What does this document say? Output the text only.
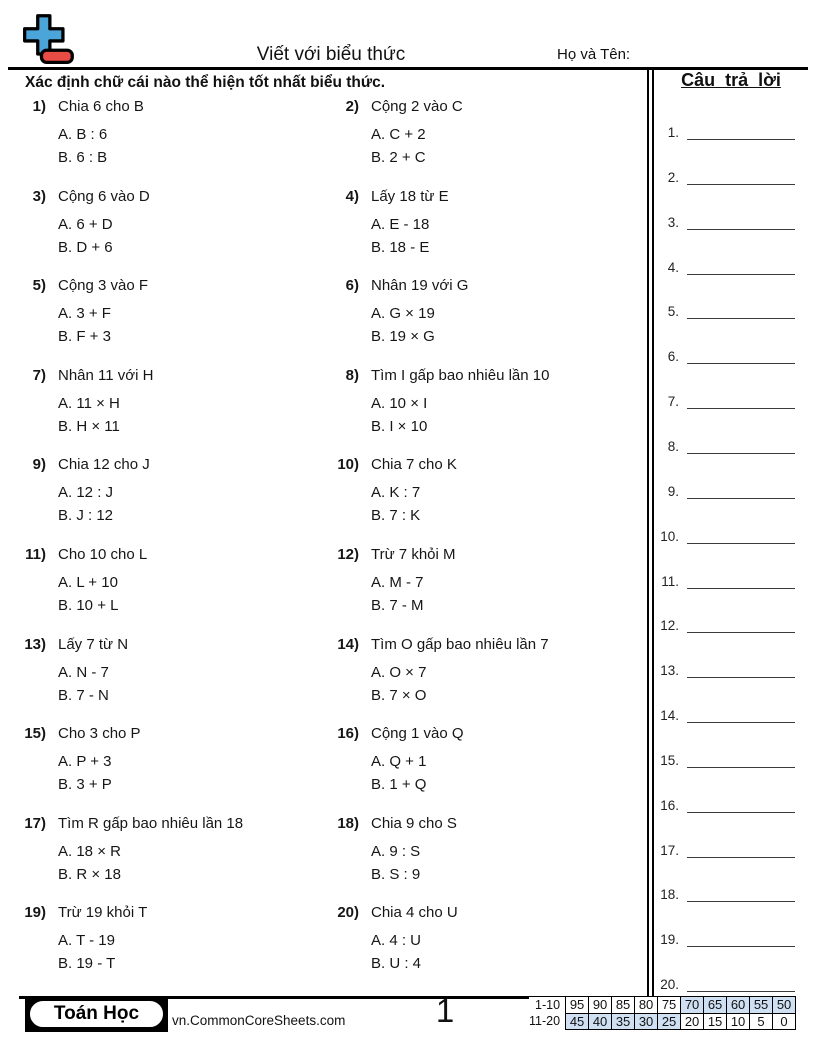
Viết với biểu thức	Họ và Tên:
Xác định chữ cái nào thể hiện tốt nhất biểu thức.
1) Chia 6 cho B
A. B : 6
B. 6 : B
2) Cộng 2 vào C
A. C + 2
B. 2 + C
3) Cộng 6 vào D
A. 6 + D
B. D + 6
4) Lấy 18 từ E
A. E - 18
B. 18 - E
5) Cộng 3 vào F
A. 3 + F
B. F + 3
6) Nhân 19 với G
A. G × 19
B. 19 × G
7) Nhân 11 với H
A. 11 × H
B. H × 11
8) Tìm I gấp bao nhiêu lần 10
A. 10 × I
B. I × 10
9) Chia 12 cho J
A. 12 : J
B. J : 12
10) Chia 7 cho K
A. K : 7
B. 7 : K
11) Cho 10 cho L
A. L + 10
B. 10 + L
12) Trừ 7 khỏi M
A. M - 7
B. 7 - M
13) Lấy 7 từ N
A. N - 7
B. 7 - N
14) Tìm O gấp bao nhiêu lần 7
A. O × 7
B. 7 × O
15) Cho 3 cho P
A. P + 3
B. 3 + P
16) Cộng 1 vào Q
A. Q + 1
B. 1 + Q
17) Tìm R gấp bao nhiêu lần 18
A. 18 × R
B. R × 18
18) Chia 9 cho S
A. 9 : S
B. S : 9
19) Trừ 19 khỏi T
A. T - 19
B. 19 - T
20) Chia 4 cho U
A. 4 : U
B. U : 4
Câu trả lời
1.
2.
3.
4.
5.
6.
7.
8.
9.
10.
11.
12.
13.
14.
15.
16.
17.
18.
19.
20.
Toán Học	vn.CommonCoreSheets.com	1	1-10	95	90	85	80	75	70	65	60	55	50
11-20	45	40	35	30	25	20	15	10	5	0
